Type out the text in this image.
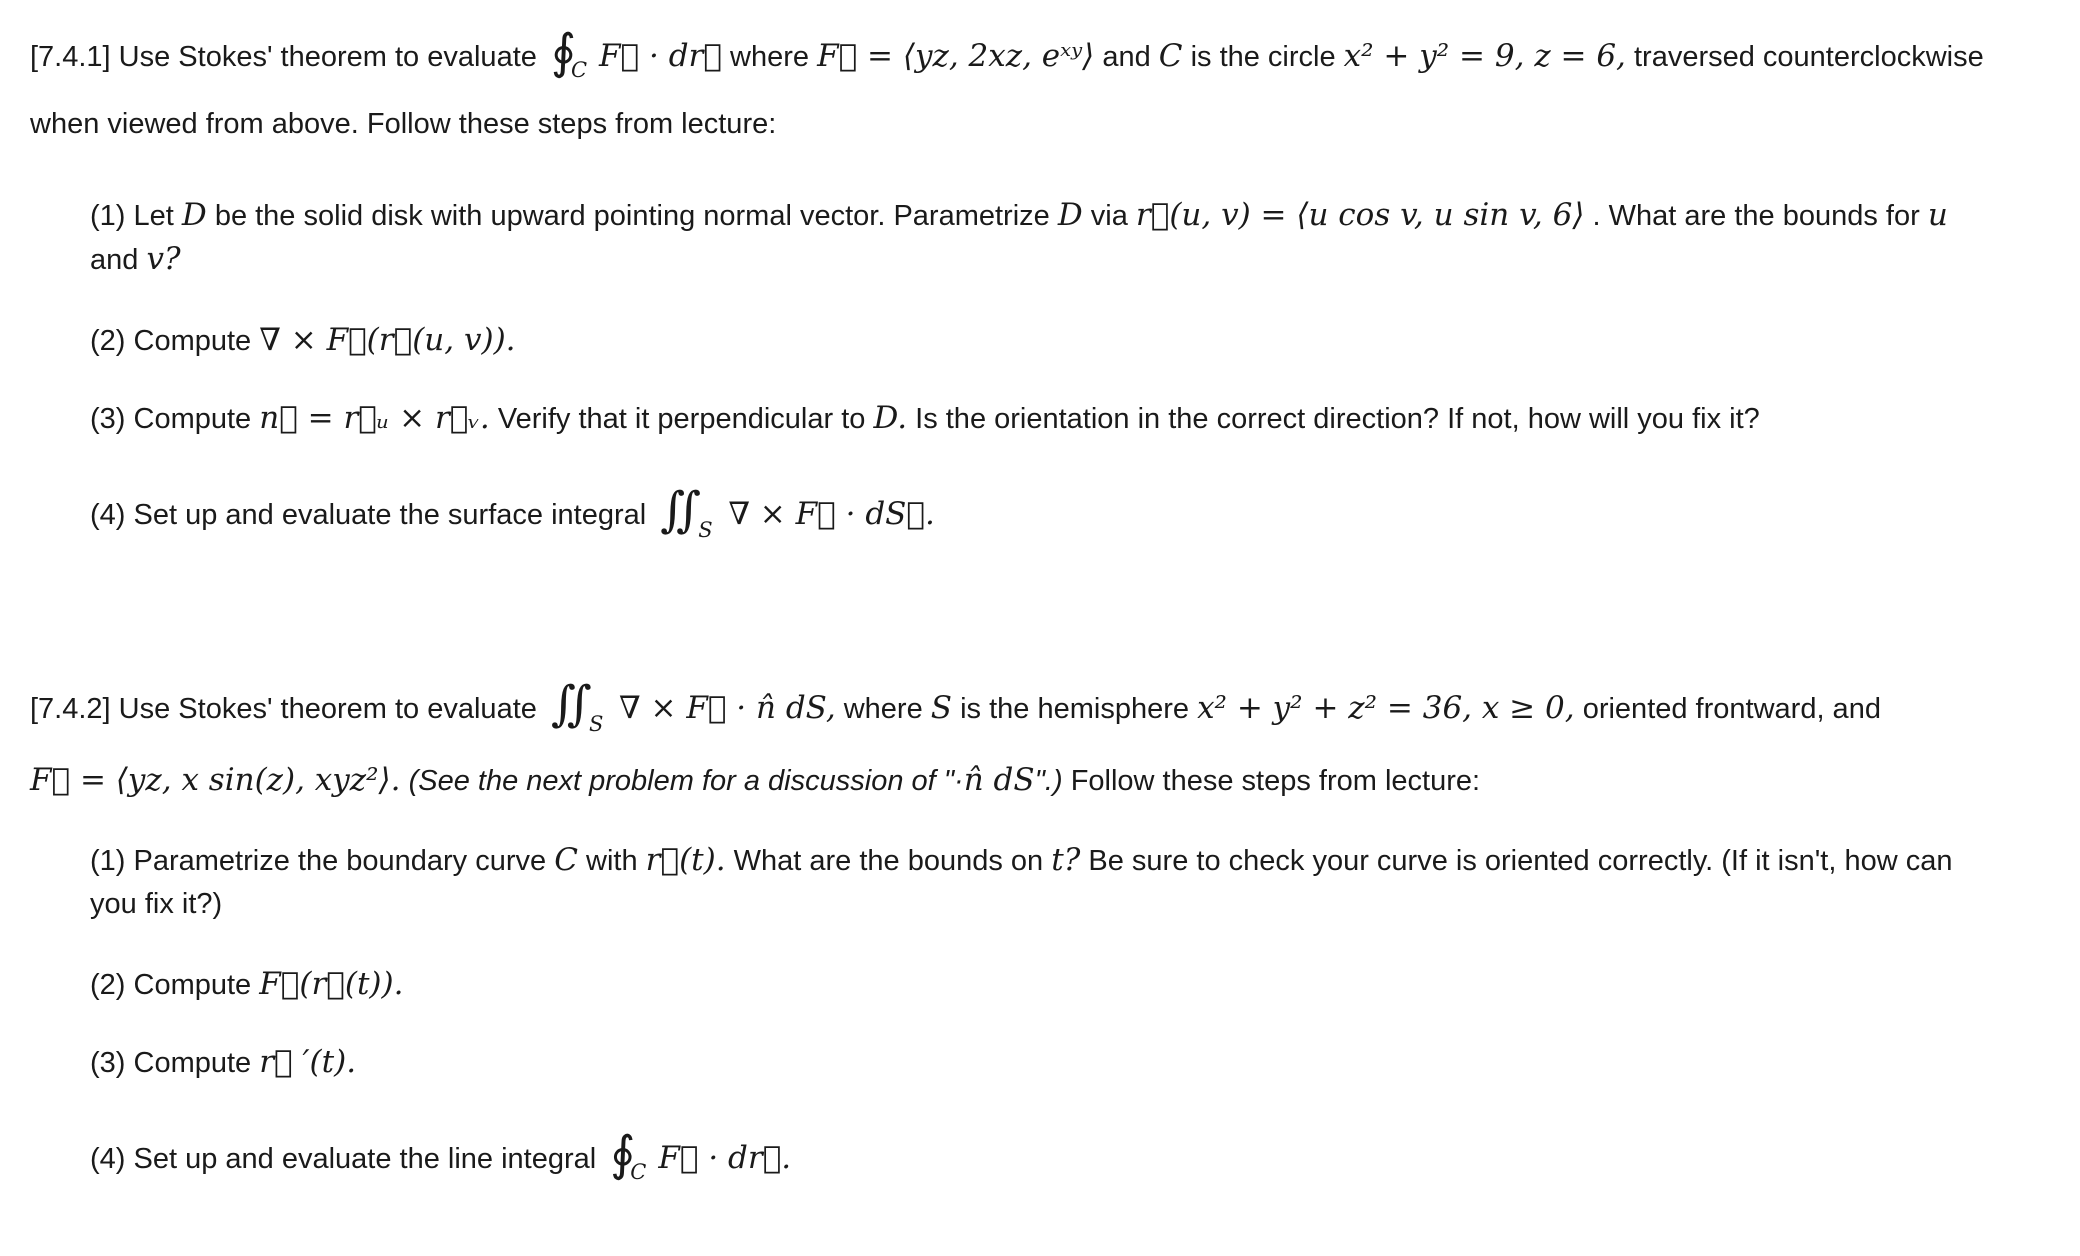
[7.4.1] Use Stokes' theorem to evaluate ∮
C F⃗ · dr⃗ where F⃗ = ⟨yz, 2xz, eˣʸ⟩ and C is the circle x² + y² = 9, z = 6, traversed counterclockwise
when viewed from above. Follow these steps from lecture:
(1) Let D be the solid disk with upward pointing normal vector. Parametrize D via r⃗(u, v) = ⟨u cos v, u sin v, 6⟩ . What are the bounds for u
and v?
(2) Compute ∇ × F⃗(r⃗(u, v)).
(3) Compute n⃗ = r⃗ᵤ × r⃗ᵥ. Verify that it perpendicular to D. Is the orientation in the correct direction? If not, how will you fix it?
(4) Set up and evaluate the surface integral ∬
S ∇ × F⃗ · dS⃗.
[7.4.2] Use Stokes' theorem to evaluate ∬
S ∇ × F⃗ · n̂ dS, where S is the hemisphere x² + y² + z² = 36, x ≥ 0, oriented frontward, and
F⃗ = ⟨yz, x sin(z), xyz²⟩. (See the next problem for a discussion of "·n̂ dS".) Follow these steps from lecture:
(1) Parametrize the boundary curve C with r⃗(t). What are the bounds on t? Be sure to check your curve is oriented correctly. (If it isn't, how can
you fix it?)
(2) Compute F⃗(r⃗(t)).
(3) Compute r⃗ ′(t).
(4) Set up and evaluate the line integral ∮
C F⃗ · dr⃗.
